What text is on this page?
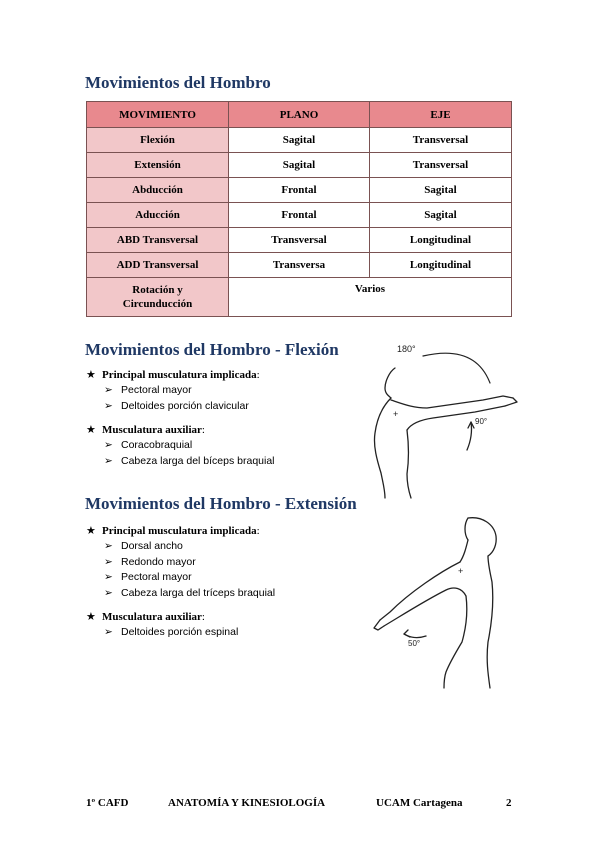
Movimientos del Hombro
MOVIMIENTO	PLANO	EJE
Flexión	Sagital	Transversal
Extensión	Sagital	Transversal
Abducción	Frontal	Sagital
Aducción	Frontal	Sagital
ABD Transversal	Transversal	Longitudinal
ADD Transversal	Transversa	Longitudinal
Rotación y
Circunducción	Varios	
Movimientos del Hombro - Flexión
★ Principal musculatura implicada :
➢ Pectoral mayor
➢ Deltoides porción clavicular
★ Musculatura auxiliar :
➢ Coracobraquial
➢ Cabeza larga del bíceps braquial
180°
90°
+
Movimientos del Hombro - Extensión
★ Principal musculatura implicada :
➢ Dorsal ancho
➢ Redondo mayor
➢ Pectoral mayor
➢ Cabeza larga del tríceps braquial
★ Musculatura auxiliar :
➢ Deltoides porción espinal
+
50°
1º CAFD	ANATOMÍA Y KINESIOLOGÍA	UCAM Cartagena	2
